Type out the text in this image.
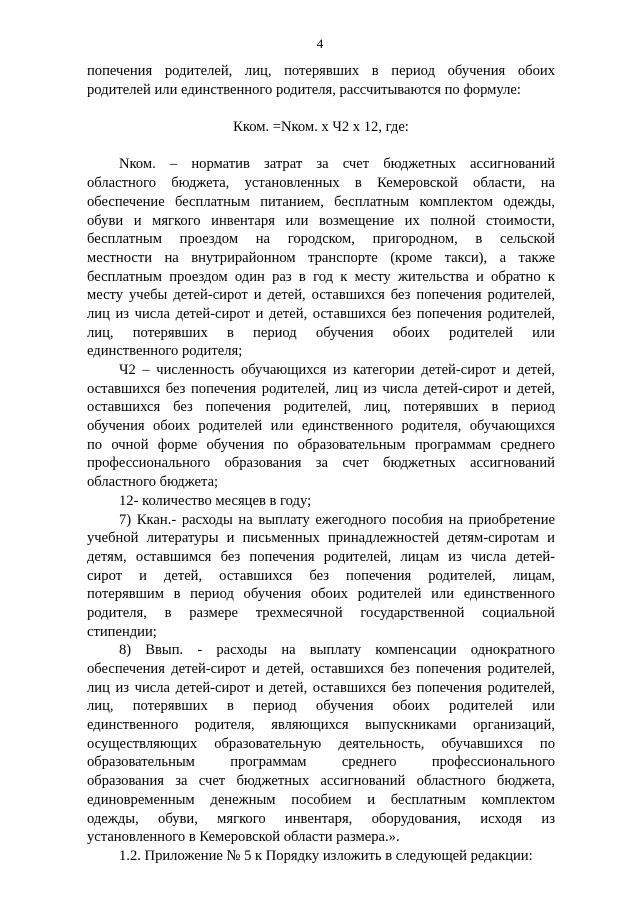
4
попечения родителей, лиц, потерявших в период обучения обоих
родителей или единственного родителя, рассчитываются по формуле:
Кком. =Nком. х Ч2 х 12, где:
Nком. – норматив затрат за счет бюджетных ассигнований
областного бюджета, установленных в Кемеровской области, на
обеспечение бесплатным питанием, бесплатным комплектом одежды,
обуви и мягкого инвентаря или возмещение их полной стоимости,
бесплатным проездом на городском, пригородном, в сельской
местности на внутрирайонном транспорте (кроме такси), а также
бесплатным проездом один раз в год к месту жительства и обратно к
месту учебы детей-сирот и детей, оставшихся без попечения родителей,
лиц из числа детей-сирот и детей, оставшихся без попечения родителей,
лиц, потерявших в период обучения обоих родителей или
единственного родителя;
Ч2 – численность обучающихся из категории детей-сирот и детей,
оставшихся без попечения родителей, лиц из числа детей-сирот и детей,
оставшихся без попечения родителей, лиц, потерявших в период
обучения обоих родителей или единственного родителя, обучающихся
по очной форме обучения по образовательным программам среднего
профессионального образования за счет бюджетных ассигнований
областного бюджета;
12- количество месяцев в году;
7) Ккан.- расходы на выплату ежегодного пособия на приобретение
учебной литературы и письменных принадлежностей детям-сиротам и
детям, оставшимся без попечения родителей, лицам из числа детей-
сирот и детей, оставшихся без попечения родителей, лицам,
потерявшим в период обучения обоих родителей или единственного
родителя, в размере трехмесячной государственной социальной
стипендии;
8) Ввып. - расходы на выплату компенсации однократного
обеспечения детей-сирот и детей, оставшихся без попечения родителей,
лиц из числа детей-сирот и детей, оставшихся без попечения родителей,
лиц, потерявших в период обучения обоих родителей или
единственного родителя, являющихся выпускниками организаций,
осуществляющих образовательную деятельность, обучавшихся по
образовательным программам среднего профессионального
образования за счет бюджетных ассигнований областного бюджета,
единовременным денежным пособием и бесплатным комплектом
одежды, обуви, мягкого инвентаря, оборудования, исходя из
установленного в Кемеровской области размера.».
1.2. Приложение № 5 к Порядку изложить в следующей редакции:
